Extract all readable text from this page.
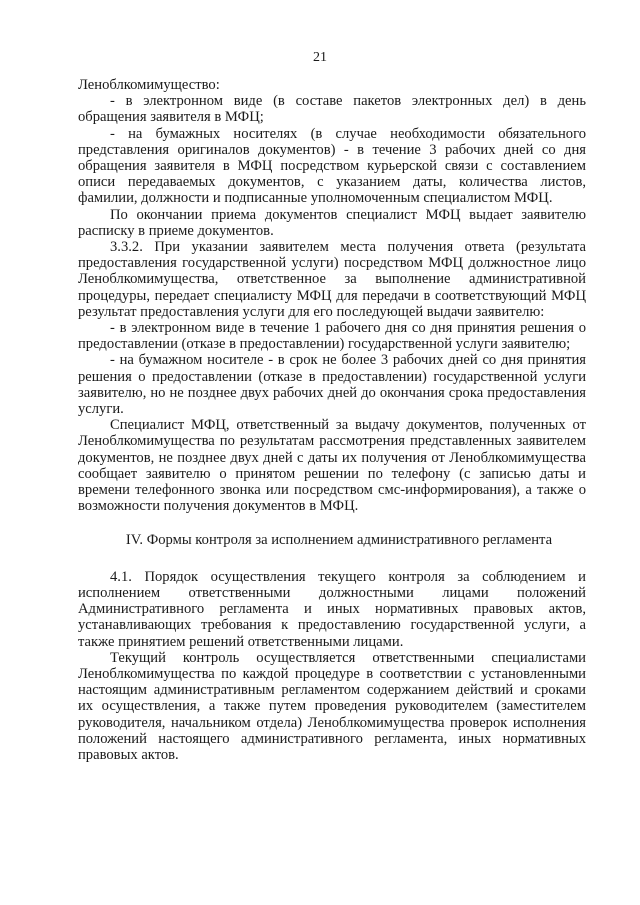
21

Леноблкомимущество:

- в электронном виде (в составе пакетов электронных дел) в день обращения заявителя в МФЦ;

- на бумажных носителях (в случае необходимости обязательного представления оригиналов документов) - в течение 3 рабочих дней со дня обращения заявителя в МФЦ посредством курьерской связи с составлением описи передаваемых документов, с указанием даты, количества листов, фамилии, должности и подписанные уполномоченным специалистом МФЦ.

По окончании приема документов специалист МФЦ выдает заявителю расписку в приеме документов.

3.3.2. При указании заявителем места получения ответа (результата предоставления государственной услуги) посредством МФЦ должностное лицо Леноблкомимущества, ответственное за выполнение административной процедуры, передает специалисту МФЦ для передачи в соответствующий МФЦ результат предоставления услуги для его последующей выдачи заявителю:

- в электронном виде в течение 1 рабочего дня со дня принятия решения о предоставлении (отказе в предоставлении) государственной услуги заявителю;

- на бумажном носителе - в срок не более 3 рабочих дней со дня принятия решения о предоставлении (отказе в предоставлении) государственной услуги заявителю, но не позднее двух рабочих дней до окончания срока предоставления услуги.

Специалист МФЦ, ответственный за выдачу документов, полученных от Леноблкомимущества по результатам рассмотрения представленных заявителем документов, не позднее двух дней с даты их получения от Леноблкомимущества сообщает заявителю о принятом решении по телефону (с записью даты и времени телефонного звонка или посредством смс-информирования), а также о возможности получения документов в МФЦ.

IV. Формы контроля за исполнением административного регламента

4.1. Порядок осуществления текущего контроля за соблюдением и исполнением ответственными должностными лицами положений Административного регламента и иных нормативных правовых актов, устанавливающих требования к предоставлению государственной услуги, а также принятием решений ответственными лицами.

Текущий контроль осуществляется ответственными специалистами Леноблкомимущества по каждой процедуре в соответствии с установленными настоящим административным регламентом содержанием действий и сроками их осуществления, а также путем проведения руководителем (заместителем руководителя, начальником отдела) Леноблкомимущества проверок исполнения положений настоящего административного регламента, иных нормативных правовых актов.
